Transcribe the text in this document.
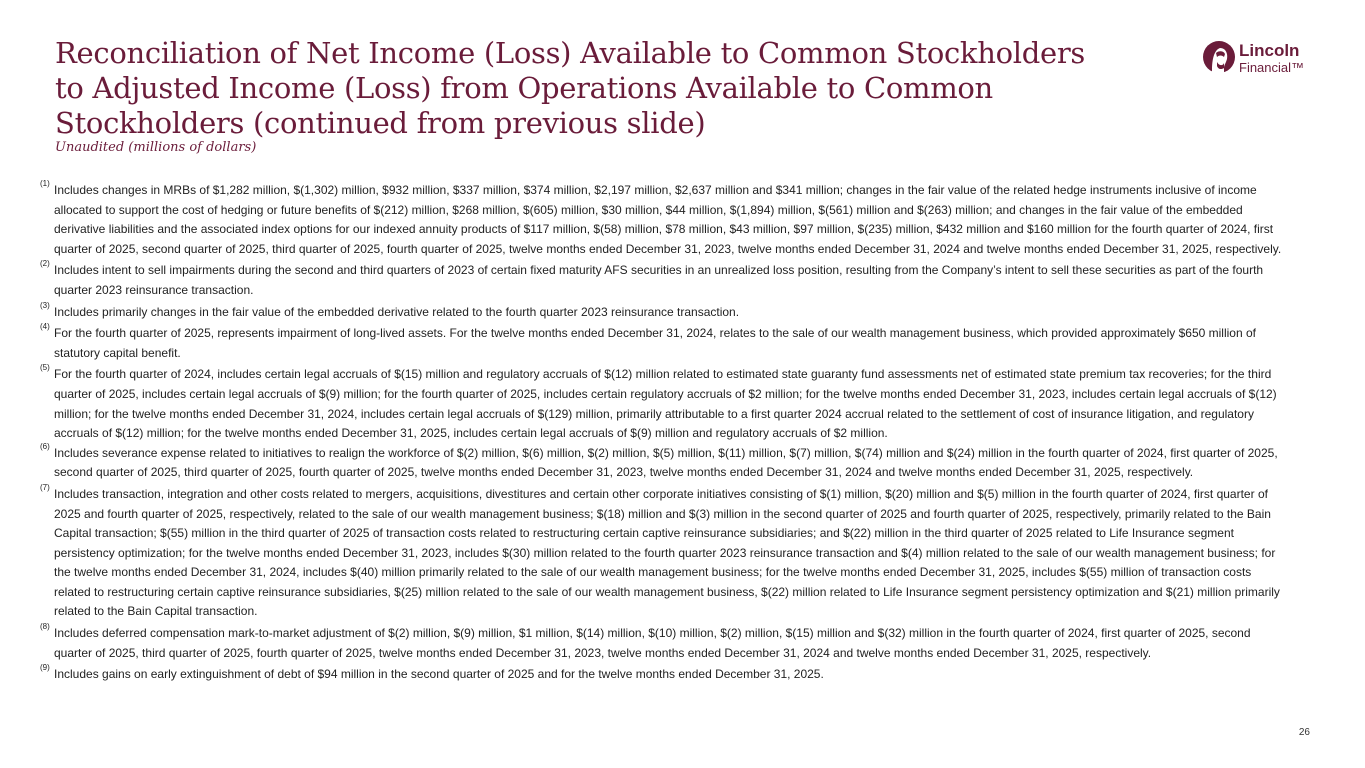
Reconciliation of Net Income (Loss) Available to Common Stockholders to Adjusted Income (Loss) from Operations Available to Common Stockholders (continued from previous slide)

Unaudited (millions of dollars)

Lincoln
Financial™
(1) Includes changes in MRBs of $1,282 million, $(1,302) million, $932 million, $337 million, $374 million, $2,197 million, $2,637 million and $341 million; changes in the fair value of the related hedge instruments inclusive of income allocated to support the cost of hedging or future benefits of $(212) million, $268 million, $(605) million, $30 million, $44 million, $(1,894) million, $(561) million and $(263) million; and changes in the fair value of the embedded derivative liabilities and the associated index options for our indexed annuity products of $117 million, $(58) million, $78 million, $43 million, $97 million, $(235) million, $432 million and $160 million for the fourth quarter of 2024, first quarter of 2025, second quarter of 2025, third quarter of 2025, fourth quarter of 2025, twelve months ended December 31, 2023, twelve months ended December 31, 2024 and twelve months ended December 31, 2025, respectively.
(2) Includes intent to sell impairments during the second and third quarters of 2023 of certain fixed maturity AFS securities in an unrealized loss position, resulting from the Company’s intent to sell these securities as part of the fourth quarter 2023 reinsurance transaction.
(3) Includes primarily changes in the fair value of the embedded derivative related to the fourth quarter 2023 reinsurance transaction.
(4) For the fourth quarter of 2025, represents impairment of long-lived assets. For the twelve months ended December 31, 2024, relates to the sale of our wealth management business, which provided approximately $650 million of statutory capital benefit.
(5) For the fourth quarter of 2024, includes certain legal accruals of $(15) million and regulatory accruals of $(12) million related to estimated state guaranty fund assessments net of estimated state premium tax recoveries; for the third quarter of 2025, includes certain legal accruals of $(9) million; for the fourth quarter of 2025, includes certain regulatory accruals of $2 million; for the twelve months ended December 31, 2023, includes certain legal accruals of $(12) million; for the twelve months ended December 31, 2024, includes certain legal accruals of $(129) million, primarily attributable to a first quarter 2024 accrual related to the settlement of cost of insurance litigation, and regulatory accruals of $(12) million; for the twelve months ended December 31, 2025, includes certain legal accruals of $(9) million and regulatory accruals of $2 million.
(6) Includes severance expense related to initiatives to realign the workforce of $(2) million, $(6) million, $(2) million, $(5) million, $(11) million, $(7) million, $(74) million and $(24) million in the fourth quarter of 2024, first quarter of 2025, second quarter of 2025, third quarter of 2025, fourth quarter of 2025, twelve months ended December 31, 2023, twelve months ended December 31, 2024 and twelve months ended December 31, 2025, respectively.
(7) Includes transaction, integration and other costs related to mergers, acquisitions, divestitures and certain other corporate initiatives consisting of $(1) million, $(20) million and $(5) million in the fourth quarter of 2024, first quarter of 2025 and fourth quarter of 2025, respectively, related to the sale of our wealth management business; $(18) million and $(3) million in the second quarter of 2025 and fourth quarter of 2025, respectively, primarily related to the Bain Capital transaction; $(55) million in the third quarter of 2025 of transaction costs related to restructuring certain captive reinsurance subsidiaries; and $(22) million in the third quarter of 2025 related to Life Insurance segment persistency optimization; for the twelve months ended December 31, 2023, includes $(30) million related to the fourth quarter 2023 reinsurance transaction and $(4) million related to the sale of our wealth management business; for the twelve months ended December 31, 2024, includes $(40) million primarily related to the sale of our wealth management business; for the twelve months ended December 31, 2025, includes $(55) million of transaction costs related to restructuring certain captive reinsurance subsidiaries, $(25) million related to the sale of our wealth management business, $(22) million related to Life Insurance segment persistency optimization and $(21) million primarily related to the Bain Capital transaction.
(8) Includes deferred compensation mark-to-market adjustment of $(2) million, $(9) million, $1 million, $(14) million, $(10) million, $(2) million, $(15) million and $(32) million in the fourth quarter of 2024, first quarter of 2025, second quarter of 2025, third quarter of 2025, fourth quarter of 2025, twelve months ended December 31, 2023, twelve months ended December 31, 2024 and twelve months ended December 31, 2025, respectively.
(9) Includes gains on early extinguishment of debt of $94 million in the second quarter of 2025 and for the twelve months ended December 31, 2025.
26
